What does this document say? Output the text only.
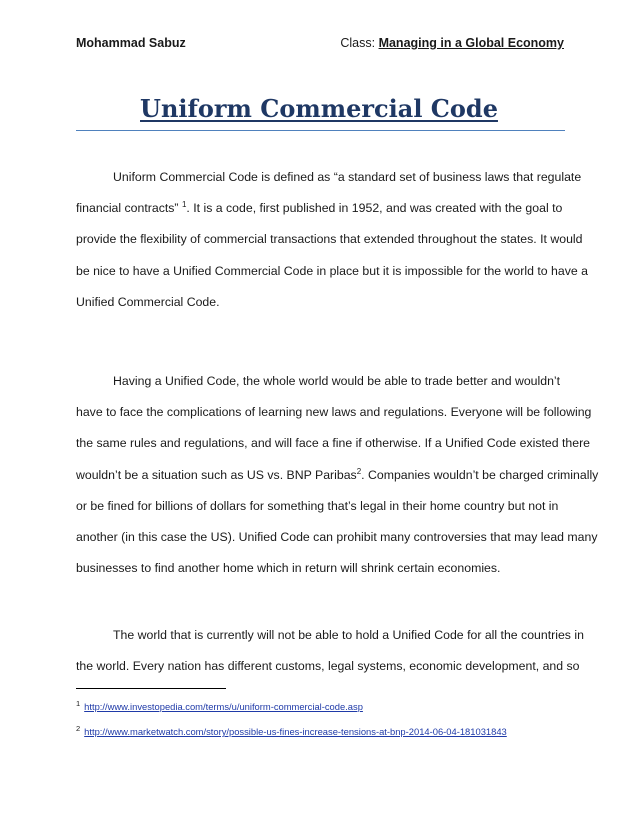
Mohammad Sabuz	Class: Managing in a Global Economy
Uniform Commercial Code
Uniform Commercial Code is defined as “a standard set of business laws that regulate
financial contracts” $^1$. It is a code, first published in 1952, and was created with the goal to
provide the flexibility of commercial transactions that extended throughout the states. It would
be nice to have a Unified Commercial Code in place but it is impossible for the world to have a
Unified Commercial Code.
Having a Unified Code, the whole world would be able to trade better and wouldn’t
have to face the complications of learning new laws and regulations. Everyone will be following
the same rules and regulations, and will face a fine if otherwise. If a Unified Code existed there
wouldn’t be a situation such as US vs. BNP Paribas$^2$. Companies wouldn’t be charged criminally
or be fined for billions of dollars for something that’s legal in their home country but not in
another (in this case the US). Unified Code can prohibit many controversies that may lead many
businesses to find another home which in return will shrink certain economies.
The world that is currently will not be able to hold a Unified Code for all the countries in
the world. Every nation has different customs, legal systems, economic development, and so
$^1$ http://www.investopedia.com/terms/u/uniform-commercial-code.asp
$^2$ http://www.marketwatch.com/story/possible-us-fines-increase-tensions-at-bnp-2014-06-04-181031843
